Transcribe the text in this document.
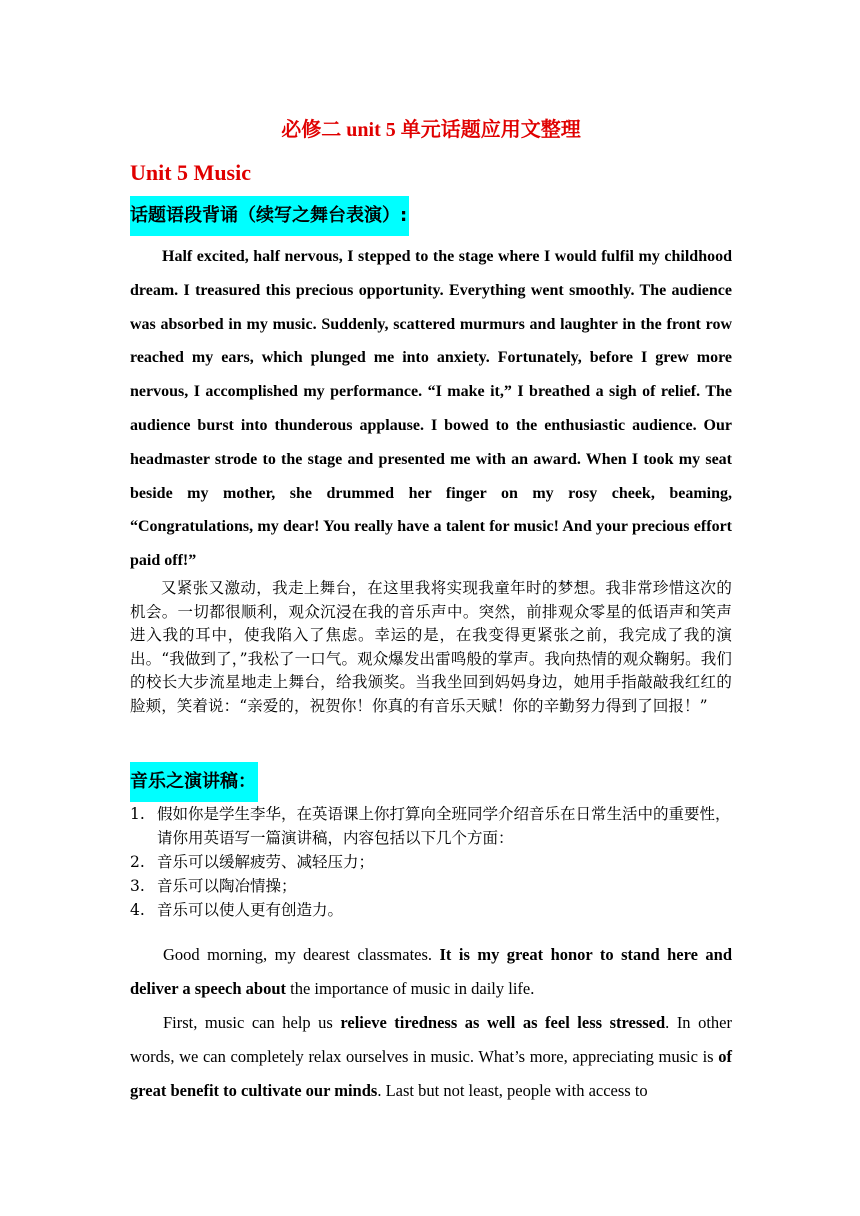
必修二 unit 5 单元话题应用文整理
Unit 5 Music
话题语段背诵（续写之舞台表演）:

Half excited, half nervous, I stepped to the stage where I would fulfil my childhood dream. I treasured this precious opportunity. Everything went smoothly. The audience was absorbed in my music. Suddenly, scattered murmurs and laughter in the front row reached my ears, which plunged me into anxiety. Fortunately, before I grew more nervous, I accomplished my performance. “I make it,” I breathed a sigh of relief. The audience burst into thunderous applause. I bowed to the enthusiastic audience. Our headmaster strode to the stage and presented me with an award. When I took my seat beside my mother, she drummed her finger on my rosy cheek, beaming, “Congratulations, my dear! You really have a talent for music! And your precious effort paid off!”

又紧张又激动，我走上舞台，在这里我将实现我童年时的梦想。我非常珍惜这次的机会。一切都很顺利，观众沉浸在我的音乐声中。突然，前排观众零星的低语声和笑声进入我的耳中，使我陷入了焦虑。幸运的是，在我变得更紧张之前，我完成了我的演出。“我做到了，”我松了一口气。观众爆发出雷鸣般的掌声。我向热情的观众鞠躬。我们的校长大步流星地走上舞台，给我颁奖。当我坐回到妈妈身边，她用手指敲敲我红红的脸颊，笑着说：“亲爱的，祝贺你！你真的有音乐天赋！你的辛勤努力得到了回报！”

音乐之演讲稿：
1. 假如你是学生李华，在英语课上你打算向全班同学介绍音乐在日常生活中的重要性，请你用英语写一篇演讲稿，内容包括以下几个方面：
2. 音乐可以缓解疲劳、减轻压力；
3. 音乐可以陶冶情操；
4. 音乐可以使人更有创造力。

Good morning, my dearest classmates. It is my great honor to stand here and deliver a speech about the importance of music in daily life.

First, music can help us relieve tiredness as well as feel less stressed. In other words, we can completely relax ourselves in music. What’s more, appreciating music is of great benefit to cultivate our minds. Last but not least, people with access to
